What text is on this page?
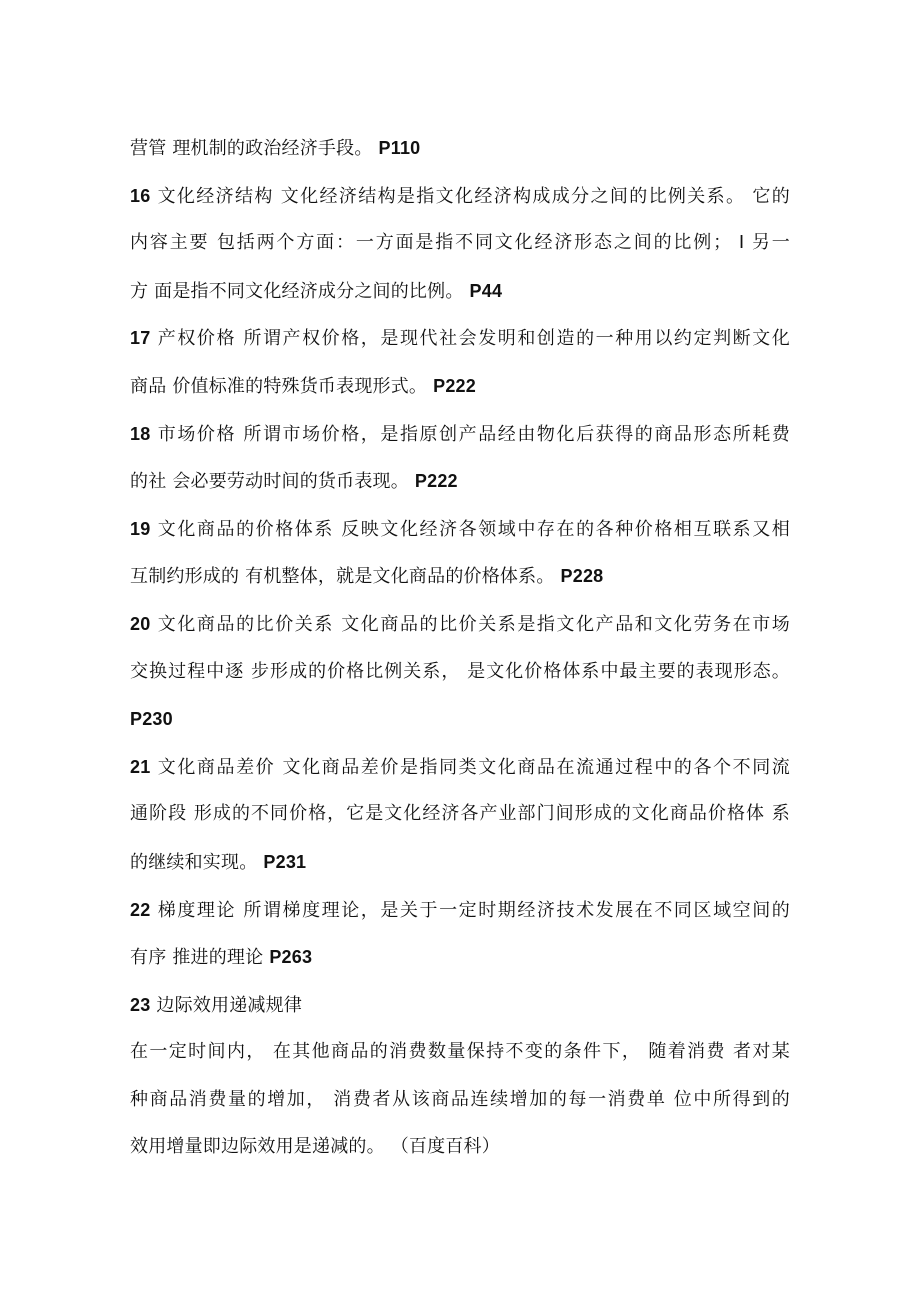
营管 理机制的政治经济手段。 P110
16 文化经济结构 文化经济结构是指文化经济构成成分之间的比例关系。 它的
内容主要 包括两个方面：一方面是指不同文化经济形态之间的比例； I 另一
方 面是指不同文化经济成分之间的比例。 P44
17 产权价格 所谓产权价格，是现代社会发明和创造的一种用以约定判断文化
商品 价值标准的特殊货币表现形式。 P222
18 市场价格 所谓市场价格，是指原创产品经由物化后获得的商品形态所耗费
的社 会必要劳动时间的货币表现。 P222
19 文化商品的价格体系 反映文化经济各领域中存在的各种价格相互联系又相
互制约形成的 有机整体，就是文化商品的价格体系。 P228
20 文化商品的比价关系 文化商品的比价关系是指文化产品和文化劳务在市场
交换过程中逐 步形成的价格比例关系， 是文化价格体系中最主要的表现形态。
P230
21 文化商品差价 文化商品差价是指同类文化商品在流通过程中的各个不同流
通阶段 形成的不同价格，它是文化经济各产业部门间形成的文化商品价格体 系
的继续和实现。 P231
22 梯度理论 所谓梯度理论，是关于一定时期经济技术发展在不同区域空间的
有序 推进的理论 P263
23 边际效用递减规律
在一定时间内， 在其他商品的消费数量保持不变的条件下， 随着消费 者对某
种商品消费量的增加， 消费者从该商品连续增加的每一消费单 位中所得到的
效用增量即边际效用是递减的。 （百度百科）
